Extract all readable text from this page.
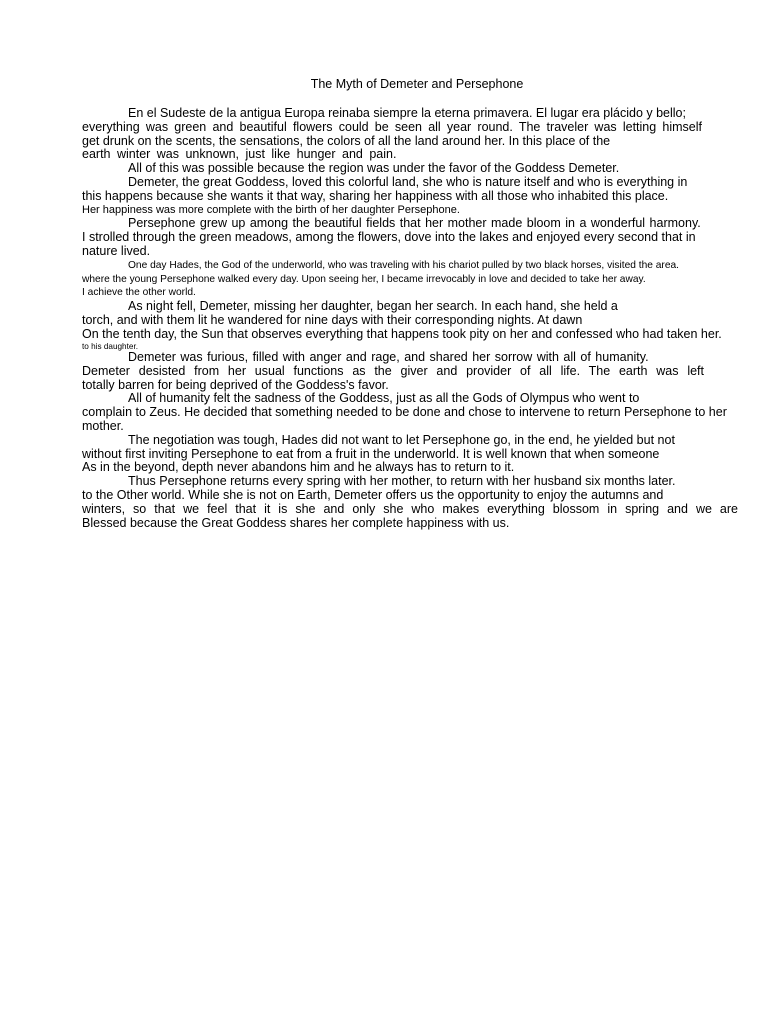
The Myth of Demeter and Persephone
En el Sudeste de la antigua Europa reinaba siempre la eterna primavera. El lugar era plácido y bello;
everything was green and beautiful flowers could be seen all year round. The traveler was letting himself
get drunk on the scents, the sensations, the colors of all the land around her. In this place of the
earth winter was unknown, just like hunger and pain.
All of this was possible because the region was under the favor of the Goddess Demeter.
Demeter, the great Goddess, loved this colorful land, she who is nature itself and who is everything in
this happens because she wants it that way, sharing her happiness with all those who inhabited this place.
Her happiness was more complete with the birth of her daughter Persephone.
Persephone grew up among the beautiful fields that her mother made bloom in a wonderful harmony.
I strolled through the green meadows, among the flowers, dove into the lakes and enjoyed every second that in
nature lived.
One day Hades, the God of the underworld, who was traveling with his chariot pulled by two black horses, visited the area.
where the young Persephone walked every day. Upon seeing her, I became irrevocably in love and decided to take her away.
I achieve the other world.
As night fell, Demeter, missing her daughter, began her search. In each hand, she held a
torch, and with them lit he wandered for nine days with their corresponding nights. At dawn
On the tenth day, the Sun that observes everything that happens took pity on her and confessed who had taken her.
to his daughter.
Demeter was furious, filled with anger and rage, and shared her sorrow with all of humanity.
Demeter desisted from her usual functions as the giver and provider of all life. The earth was left
totally barren for being deprived of the Goddess's favor.
All of humanity felt the sadness of the Goddess, just as all the Gods of Olympus who went to
complain to Zeus. He decided that something needed to be done and chose to intervene to return Persephone to her
mother.
The negotiation was tough, Hades did not want to let Persephone go, in the end, he yielded but not
without first inviting Persephone to eat from a fruit in the underworld. It is well known that when someone
As in the beyond, depth never abandons him and he always has to return to it.
Thus Persephone returns every spring with her mother, to return with her husband six months later.
to the Other world. While she is not on Earth, Demeter offers us the opportunity to enjoy the autumns and
winters, so that we feel that it is she and only she who makes everything blossom in spring and we are
Blessed because the Great Goddess shares her complete happiness with us.
